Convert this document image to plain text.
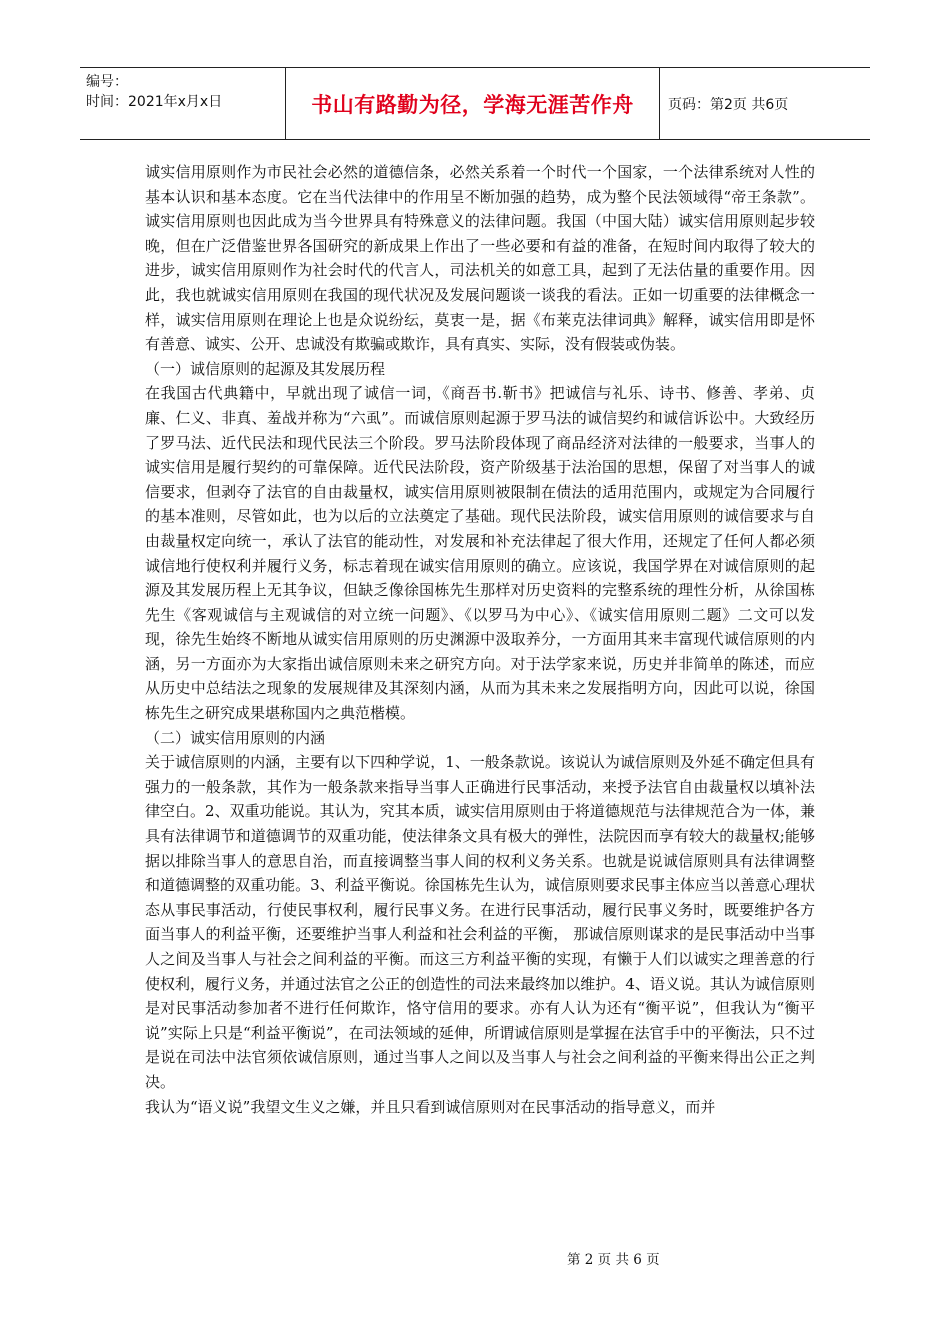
编号：
时间：2021年x月x日	书山有路勤为径，学海无涯苦作舟	页码：第2页 共6页

诚实信用原则作为市民社会必然的道德信条，必然关系着一个时代一个国家，一个法律系统对人性的基本认识和基本态度。它在当代法律中的作用呈不断加强的趋势，成为整个民法领域得“帝王条款”。诚实信用原则也因此成为当今世界具有特殊意义的法律问题。我国（中国大陆）诚实信用原则起步较晚，但在广泛借鉴世界各国研究的新成果上作出了一些必要和有益的准备，在短时间内取得了较大的进步，诚实信用原则作为社会时代的代言人，司法机关的如意工具，起到了无法估量的重要作用。因此，我也就诚实信用原则在我国的现代状况及发展问题谈一谈我的看法。正如一切重要的法律概念一样，诚实信用原则在理论上也是众说纷纭，莫衷一是，据《布莱克法律词典》解释，诚实信用即是怀有善意、诚实、公开、忠诚没有欺骗或欺诈，具有真实、实际，没有假装或伪装。

（一）诚信原则的起源及其发展历程

在我国古代典籍中，早就出现了诚信一词，《商吾书.靳书》把诚信与礼乐、诗书、修善、孝弟、贞廉、仁义、非真、羞战并称为“六虱”。而诚信原则起源于罗马法的诚信契约和诚信诉讼中。大致经历了罗马法、近代民法和现代民法三个阶段。罗马法阶段体现了商品经济对法律的一般要求，当事人的诚实信用是履行契约的可靠保障。近代民法阶段，资产阶级基于法治国的思想，保留了对当事人的诚信要求，但剥夺了法官的自由裁量权，诚实信用原则被限制在债法的适用范围内，或规定为合同履行的基本准则，尽管如此，也为以后的立法奠定了基础。现代民法阶段，诚实信用原则的诚信要求与自由裁量权定向统一，承认了法官的能动性，对发展和补充法律起了很大作用，还规定了任何人都必须诚信地行使权利并履行义务，标志着现在诚实信用原则的确立。应该说，我国学界在对诚信原则的起源及其发展历程上无其争议，但缺乏像徐国栋先生那样对历史资料的完整系统的理性分析，从徐国栋先生《客观诚信与主观诚信的对立统一问题》、《以罗马为中心》、《诚实信用原则二题》二文可以发现，徐先生始终不断地从诚实信用原则的历史渊源中汲取养分，一方面用其来丰富现代诚信原则的内涵，另一方面亦为大家指出诚信原则未来之研究方向。对于法学家来说，历史并非简单的陈述，而应从历史中总结法之现象的发展规律及其深刻内涵，从而为其未来之发展指明方向，因此可以说，徐国栋先生之研究成果堪称国内之典范楷模。

（二）诚实信用原则的内涵

关于诚信原则的内涵，主要有以下四种学说，1、一般条款说。该说认为诚信原则及外延不确定但具有强力的一般条款，其作为一般条款来指导当事人正确进行民事活动，来授予法官自由裁量权以填补法律空白。2、双重功能说。其认为，究其本质，诚实信用原则由于将道德规范与法律规范合为一体，兼具有法律调节和道德调节的双重功能，使法律条文具有极大的弹性，法院因而享有较大的裁量权;能够据以排除当事人的意思自治，而直接调整当事人间的权利义务关系。也就是说诚信原则具有法律调整和道德调整的双重功能。3、利益平衡说。徐国栋先生认为，诚信原则要求民事主体应当以善意心理状态从事民事活动，行使民事权利，履行民事义务。在进行民事活动，履行民事义务时，既要维护各方面当事人的利益平衡，还要维护当事人利益和社会利益的平衡， 那诚信原则谋求的是民事活动中当事人之间及当事人与社会之间利益的平衡。而这三方利益平衡的实现，有懒于人们以诚实之理善意的行使权利，履行义务，并通过法官之公正的创造性的司法来最终加以维护。4、语义说。其认为诚信原则是对民事活动参加者不进行任何欺诈，恪守信用的要求。亦有人认为还有“衡平说”，但我认为“衡平说”实际上只是“利益平衡说”，在司法领域的延伸，所谓诚信原则是掌握在法官手中的平衡法，只不过是说在司法中法官须依诚信原则，通过当事人之间以及当事人与社会之间利益的平衡来得出公正之判决。

我认为“语义说”我望文生义之嫌，并且只看到诚信原则对在民事活动的指导意义，而并

第 2 页 共 6 页
